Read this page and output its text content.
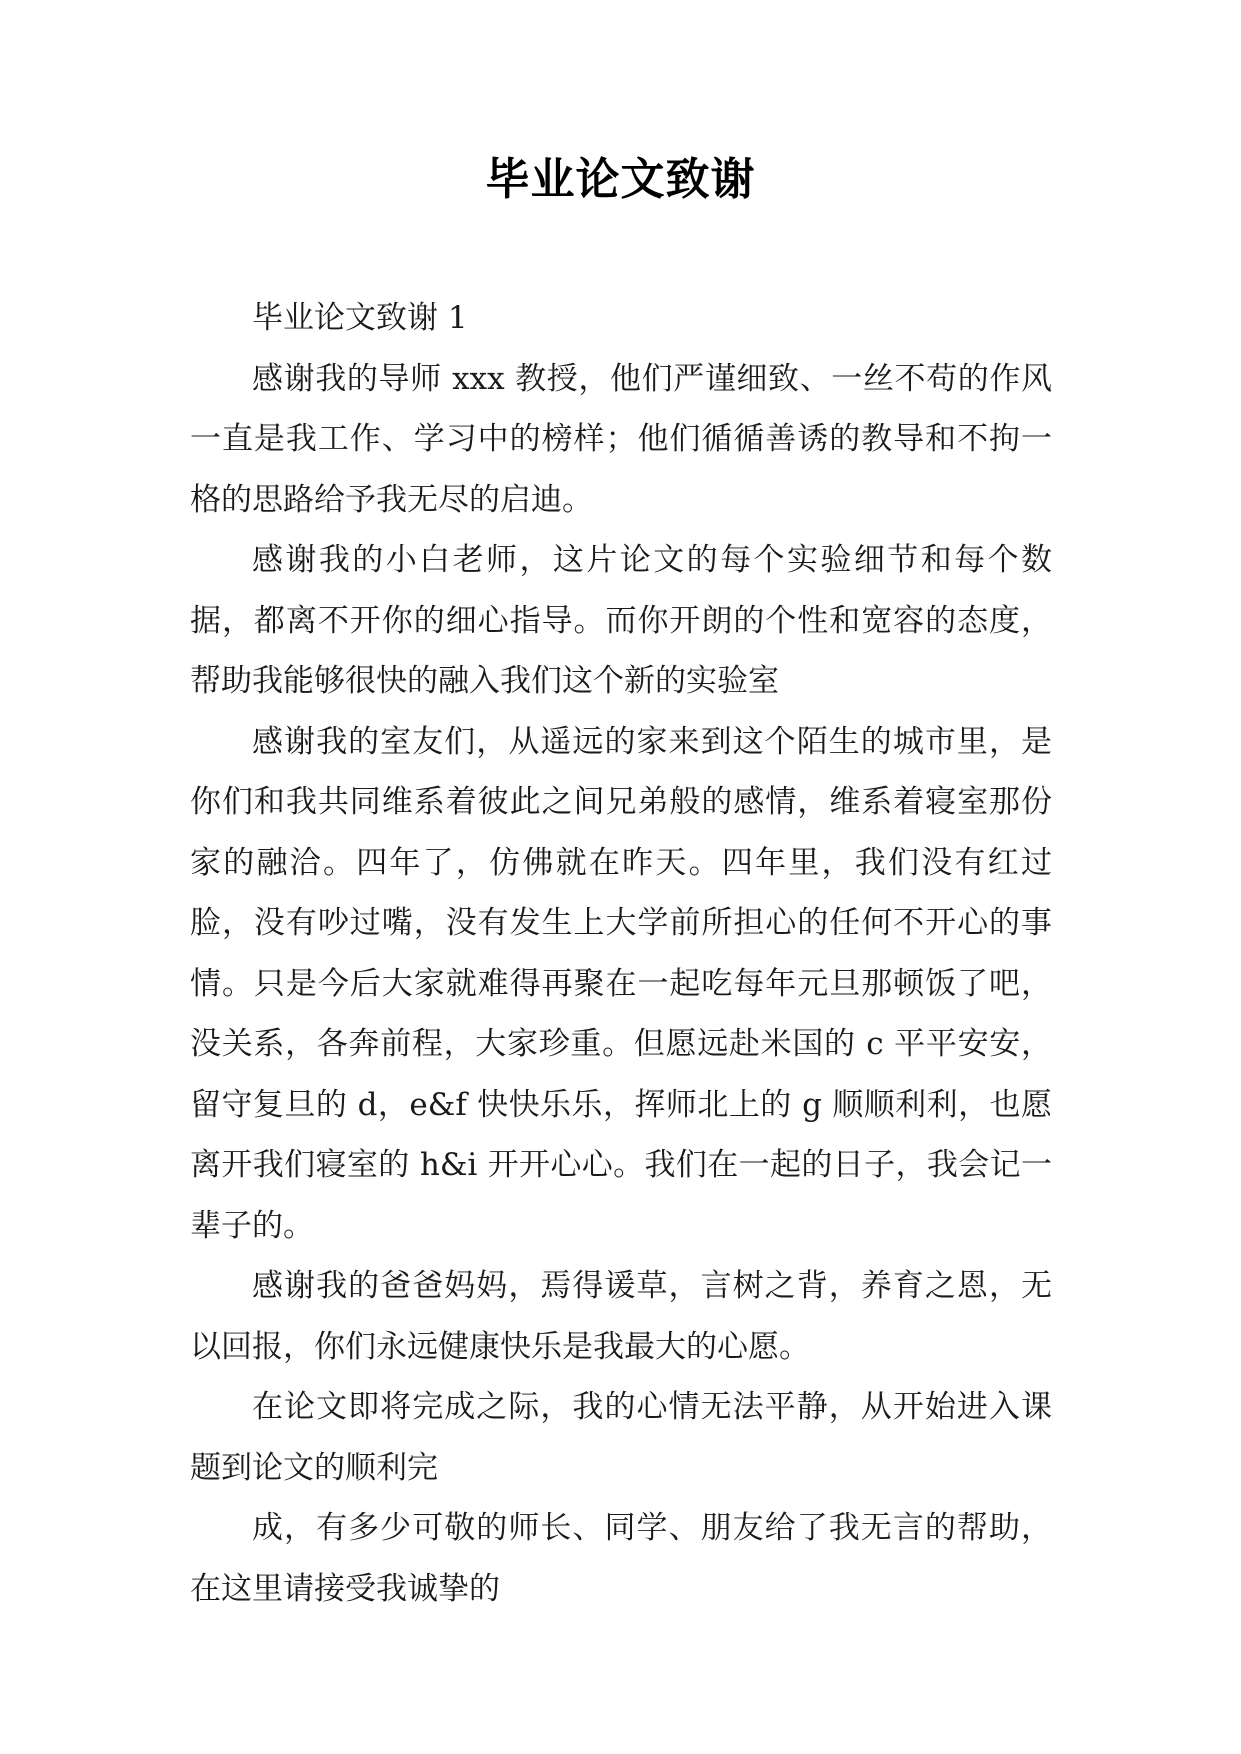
毕业论文致谢

毕业论文致谢 1

感谢我的导师 xxx 教授，他们严谨细致、一丝不苟的作风一直是我工作、学习中的榜样；他们循循善诱的教导和不拘一格的思路给予我无尽的启迪。

感谢我的小白老师，这片论文的每个实验细节和每个数据，都离不开你的细心指导。而你开朗的个性和宽容的态度，帮助我能够很快的融入我们这个新的实验室

感谢我的室友们，从遥远的家来到这个陌生的城市里，是你们和我共同维系着彼此之间兄弟般的感情，维系着寝室那份家的融洽。四年了，仿佛就在昨天。四年里，我们没有红过脸，没有吵过嘴，没有发生上大学前所担心的任何不开心的事情。只是今后大家就难得再聚在一起吃每年元旦那顿饭了吧，没关系，各奔前程，大家珍重。但愿远赴米国的 c 平平安安，留守复旦的 d，e&f 快快乐乐，挥师北上的 g 顺顺利利，也愿离开我们寝室的 h&i 开开心心。我们在一起的日子，我会记一辈子的。

感谢我的爸爸妈妈，焉得谖草，言树之背，养育之恩，无以回报，你们永远健康快乐是我最大的心愿。

在论文即将完成之际，我的心情无法平静，从开始进入课题到论文的顺利完

成，有多少可敬的师长、同学、朋友给了我无言的帮助，在这里请接受我诚挚的
